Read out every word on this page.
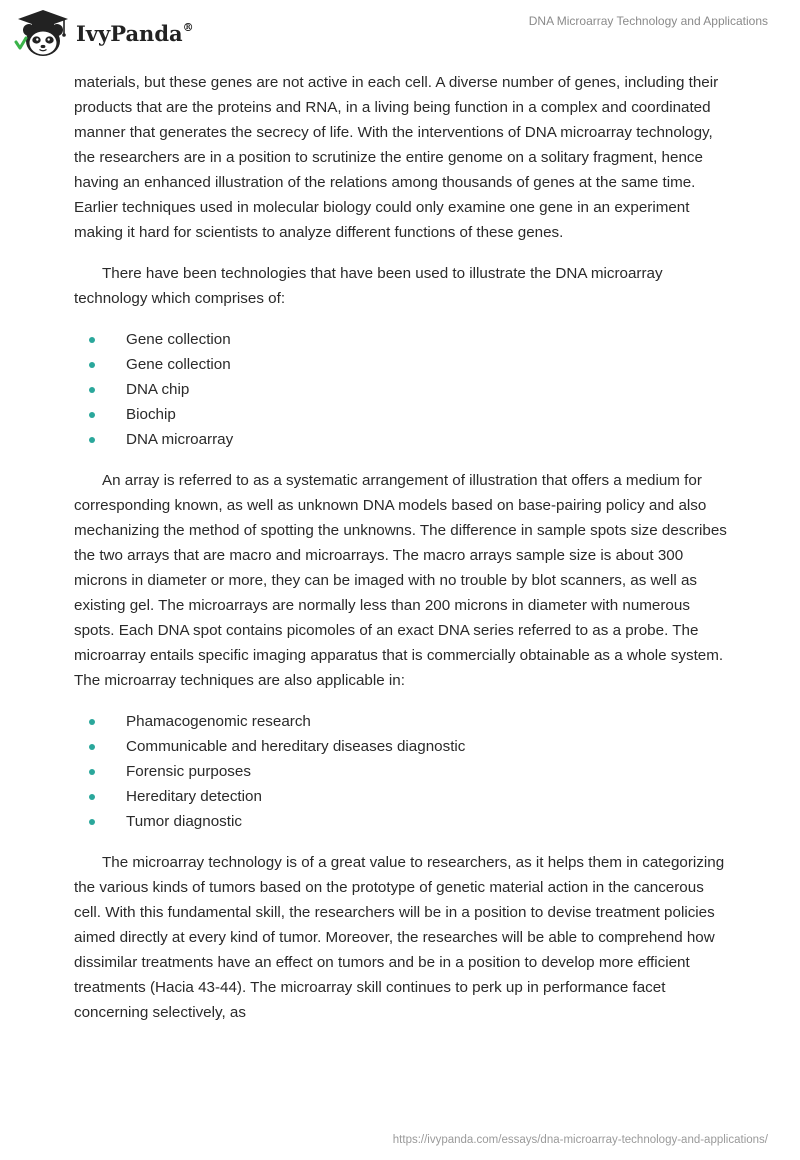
IvyPanda®	DNA Microarray Technology and Applications

materials, but these genes are not active in each cell. A diverse number of genes, including their products that are the proteins and RNA, in a living being function in a complex and coordinated manner that generates the secrecy of life. With the interventions of DNA microarray technology, the researchers are in a position to scrutinize the entire genome on a solitary fragment, hence having an enhanced illustration of the relations among thousands of genes at the same time. Earlier techniques used in molecular biology could only examine one gene in an experiment making it hard for scientists to analyze different functions of these genes.

There have been technologies that have been used to illustrate the DNA microarray technology which comprises of:

Gene collection
Gene collection
DNA chip
Biochip
DNA microarray

An array is referred to as a systematic arrangement of illustration that offers a medium for corresponding known, as well as unknown DNA models based on base-pairing policy and also mechanizing the method of spotting the unknowns. The difference in sample spots size describes the two arrays that are macro and microarrays. The macro arrays sample size is about 300 microns in diameter or more, they can be imaged with no trouble by blot scanners, as well as existing gel. The microarrays are normally less than 200 microns in diameter with numerous spots. Each DNA spot contains picomoles of an exact DNA series referred to as a probe. The microarray entails specific imaging apparatus that is commercially obtainable as a whole system. The microarray techniques are also applicable in:

Phamacogenomic research
Communicable and hereditary diseases diagnostic
Forensic purposes
Hereditary detection
Tumor diagnostic

The microarray technology is of a great value to researchers, as it helps them in categorizing the various kinds of tumors based on the prototype of genetic material action in the cancerous cell. With this fundamental skill, the researchers will be in a position to devise treatment policies aimed directly at every kind of tumor. Moreover, the researches will be able to comprehend how dissimilar treatments have an effect on tumors and be in a position to develop more efficient treatments (Hacia 43-44). The microarray skill continues to perk up in performance facet concerning selectively, as

https://ivypanda.com/essays/dna-microarray-technology-and-applications/
